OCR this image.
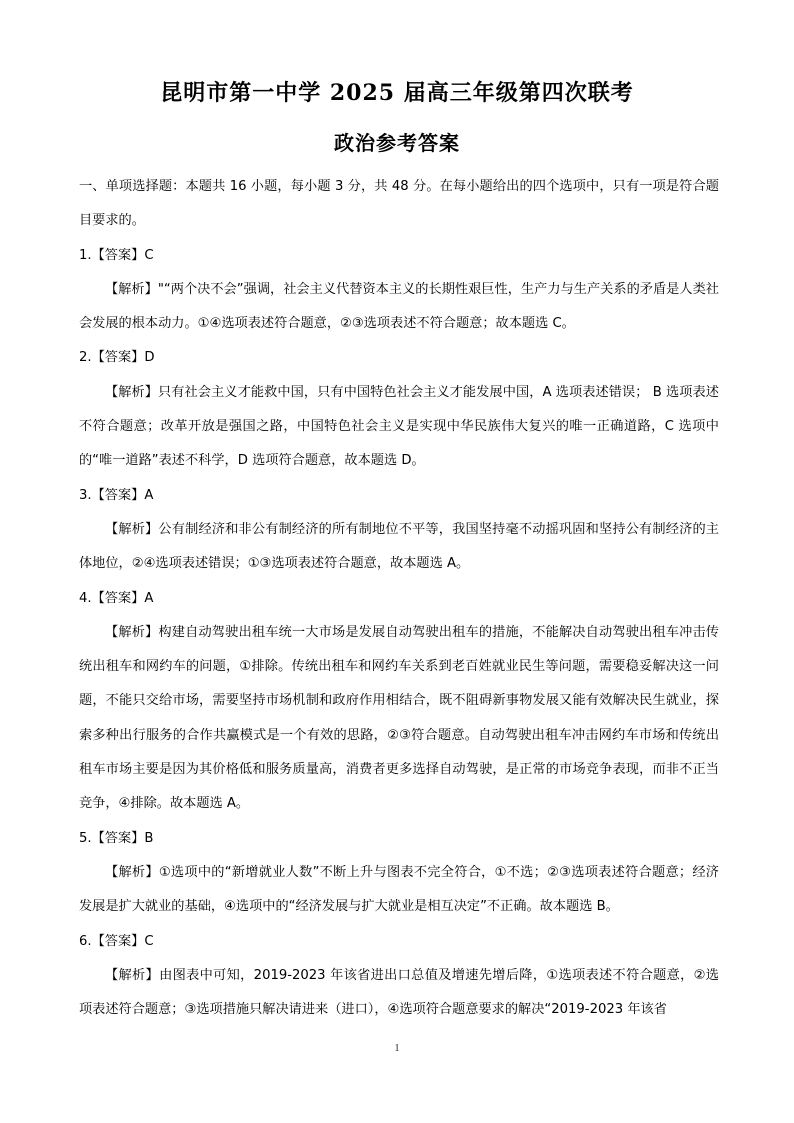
昆明市第一中学 2025 届高三年级第四次联考
政治参考答案

一、单项选择题：本题共 16 小题，每小题 3 分，共 48 分。在每小题给出的四个选项中，只有一项是符合题目要求的。

1.【答案】C

【解析】"“两个决不会”强调，社会主义代替资本主义的长期性艰巨性，生产力与生产关系的矛盾是人类社会发展的根本动力。①④选项表述符合题意，②③选项表述不符合题意；故本题选 C。

2.【答案】D

【解析】只有社会主义才能救中国，只有中国特色社会主义才能发展中国，A 选项表述错误； B 选项表述不符合题意；改革开放是强国之路，中国特色社会主义是实现中华民族伟大复兴的唯一正确道路，C 选项中的“唯一道路”表述不科学，D 选项符合题意，故本题选 D。

3.【答案】A

【解析】公有制经济和非公有制经济的所有制地位不平等，我国坚持毫不动摇巩固和坚持公有制经济的主体地位，②④选项表述错误；①③选项表述符合题意，故本题选 A。

4.【答案】A

【解析】构建自动驾驶出租车统一大市场是发展自动驾驶出租车的措施，不能解决自动驾驶出租车冲击传统出租车和网约车的问题，①排除。传统出租车和网约车关系到老百姓就业民生等问题，需要稳妥解决这一问题，不能只交给市场，需要坚持市场机制和政府作用相结合，既不阻碍新事物发展又能有效解决民生就业，探索多种出行服务的合作共赢模式是一个有效的思路，②③符合题意。自动驾驶出租车冲击网约车市场和传统出租车市场主要是因为其价格低和服务质量高，消费者更多选择自动驾驶，是正常的市场竞争表现，而非不正当竞争，④排除。故本题选 A。

5.【答案】B

【解析】①选项中的“新增就业人数”不断上升与图表不完全符合，①不选；②③选项表述符合题意；经济发展是扩大就业的基础，④选项中的“经济发展与扩大就业是相互决定”不正确。故本题选 B。

6.【答案】C

【解析】由图表中可知，2019-2023 年该省进出口总值及增速先增后降，①选项表述不符合题意，②选项表述符合题意；③选项措施只解决请进来（进口），④选项符合题意要求的解决“2019-2023 年该省

1
